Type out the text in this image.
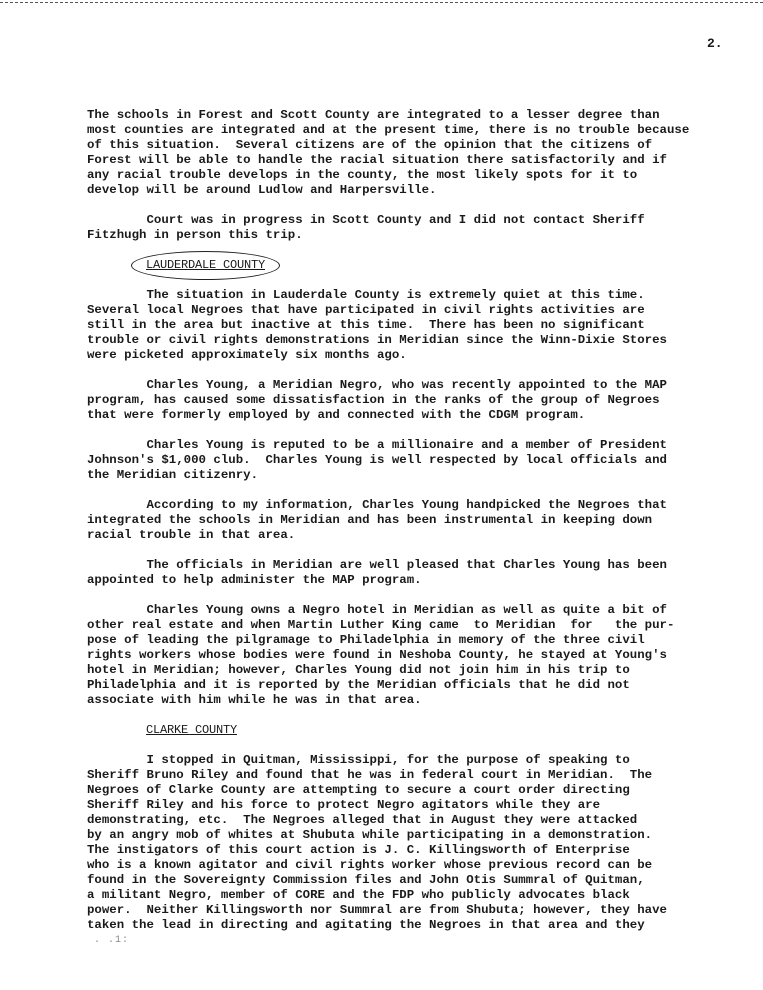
2.
The schools in Forest and Scott County are integrated to a lesser degree than
most counties are integrated and at the present time, there is no trouble because
of this situation.  Several citizens are of the opinion that the citizens of
Forest will be able to handle the racial situation there satisfactorily and if
any racial trouble develops in the county, the most likely spots for it to
develop will be around Ludlow and Harpersville.
Court was in progress in Scott County and I did not contact Sheriff
Fitzhugh in person this trip.
LAUDERDALE COUNTY
The situation in Lauderdale County is extremely quiet at this time.
Several local Negroes that have participated in civil rights activities are
still in the area but inactive at this time.  There has been no significant
trouble or civil rights demonstrations in Meridian since the Winn-Dixie Stores
were picketed approximately six months ago.
Charles Young, a Meridian Negro, who was recently appointed to the MAP
program, has caused some dissatisfaction in the ranks of the group of Negroes
that were formerly employed by and connected with the CDGM program.
Charles Young is reputed to be a millionaire and a member of President
Johnson's $1,000 club.  Charles Young is well respected by local officials and
the Meridian citizenry.
According to my information, Charles Young handpicked the Negroes that
integrated the schools in Meridian and has been instrumental in keeping down
racial trouble in that area.
The officials in Meridian are well pleased that Charles Young has been
appointed to help administer the MAP program.
Charles Young owns a Negro hotel in Meridian as well as quite a bit of
other real estate and when Martin Luther King came  to Meridian  for   the pur-
pose of leading the pilgramage to Philadelphia in memory of the three civil
rights workers whose bodies were found in Neshoba County, he stayed at Young's
hotel in Meridian; however, Charles Young did not join him in his trip to
Philadelphia and it is reported by the Meridian officials that he did not
associate with him while he was in that area.
CLARKE COUNTY
I stopped in Quitman, Mississippi, for the purpose of speaking to
Sheriff Bruno Riley and found that he was in federal court in Meridian.  The
Negroes of Clarke County are attempting to secure a court order directing
Sheriff Riley and his force to protect Negro agitators while they are
demonstrating, etc.  The Negroes alleged that in August they were attacked
by an angry mob of whites at Shubuta while participating in a demonstration.
The instigators of this court action is J. C. Killingsworth of Enterprise
who is a known agitator and civil rights worker whose previous record can be
found in the Sovereignty Commission files and John Otis Summral of Quitman,
a militant Negro, member of CORE and the FDP who publicly advocates black
power.  Neither Killingsworth nor Summral are from Shubuta; however, they have
taken the lead in directing and agitating the Negroes in that area and they
. .1:
